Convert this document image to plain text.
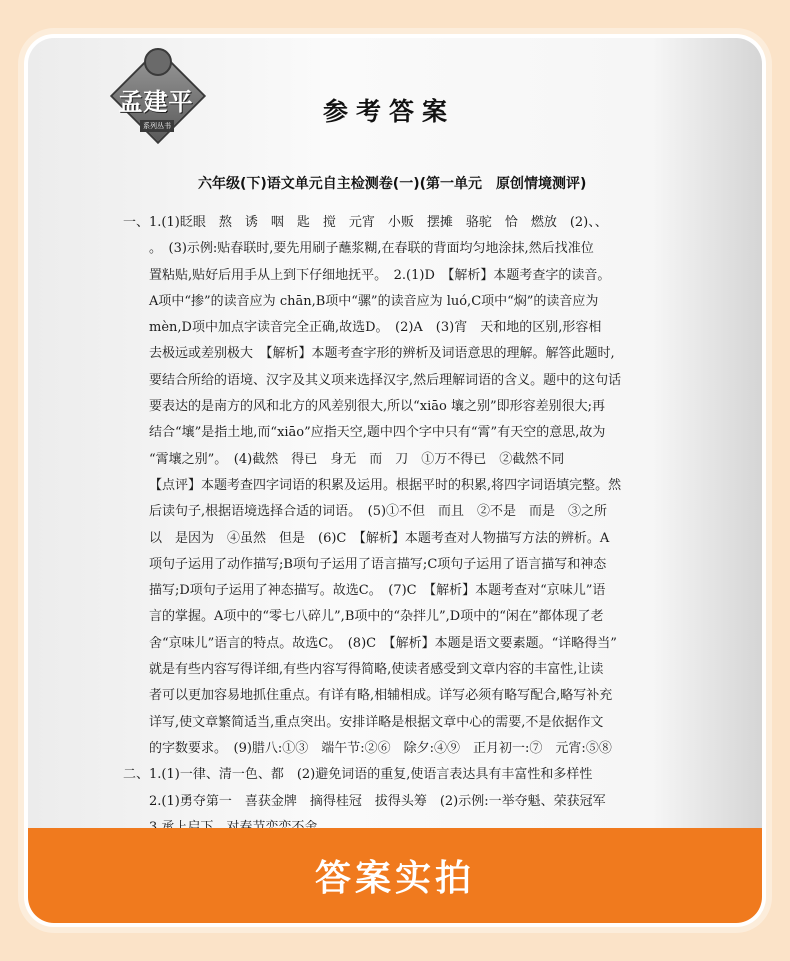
孟建平
系列丛书	参考答案
六年级(下)语文单元自主检测卷(一)(第一单元　原创情境测评)
一、1.(1)眨眼　熬　诱　咽　匙　搅　元宵　小贩　摆摊　骆驼　恰　燃放　(2)、、
。　(3)示例:贴春联时,要先用刷子蘸浆糊,在春联的背面均匀地涂抹,然后找准位
置粘贴,贴好后用手从上到下仔细地抚平。　2.(1)D　【解析】本题考查字的读音。
A项中“掺”的读音应为 chān,B项中“骡”的读音应为 luó,C项中“焖”的读音应为
mèn,D项中加点字读音完全正确,故选D。　(2)A　(3)宵　天和地的区别,形容相
去极远或差别极大　【解析】本题考查字形的辨析及词语意思的理解。解答此题时,
要结合所给的语境、汉字及其义项来选择汉字,然后理解词语的含义。题中的这句话
要表达的是南方的风和北方的风差别很大,所以“xiāo 壤之别”即形容差别很大;再
结合“壤”是指土地,而“xiāo”应指天空,题中四个字中只有“霄”有天空的意思,故为
“霄壤之别”。　(4)截然　得已　身无　而　刀　①万不得已　②截然不同
【点评】本题考查四字词语的积累及运用。根据平时的积累,将四字词语填完整。然
后读句子,根据语境选择合适的词语。　(5)①不但　而且　②不是　而是　③之所
以　是因为　④虽然　但是　(6)C　【解析】本题考查对人物描写方法的辨析。A
项句子运用了动作描写;B项句子运用了语言描写;C项句子运用了语言描写和神态
描写;D项句子运用了神态描写。故选C。　(7)C　【解析】本题考查对“京味儿”语
言的掌握。A项中的“零七八碎儿”,B项中的“杂拌儿”,D项中的“闲在”都体现了老
舍“京味儿”语言的特点。故选C。　(8)C　【解析】本题是语文要素题。“详略得当”
就是有些内容写得详细,有些内容写得简略,使读者感受到文章内容的丰富性,让读
者可以更加容易地抓住重点。有详有略,相辅相成。详写必须有略写配合,略写补充
详写,使文章繁简适当,重点突出。安排详略是根据文章中心的需要,不是依据作文
的字数要求。　(9)腊八:①③　端午节:②⑥　除夕:④⑨　正月初一:⑦　元宵:⑤⑧
二、1.(1)一律、清一色、都　(2)避免词语的重复,使语言表达具有丰富性和多样性
2.(1)勇夺第一　喜获金牌　摘得桂冠　拔得头筹　(2)示例:一举夺魁、荣获冠军
答案实拍
